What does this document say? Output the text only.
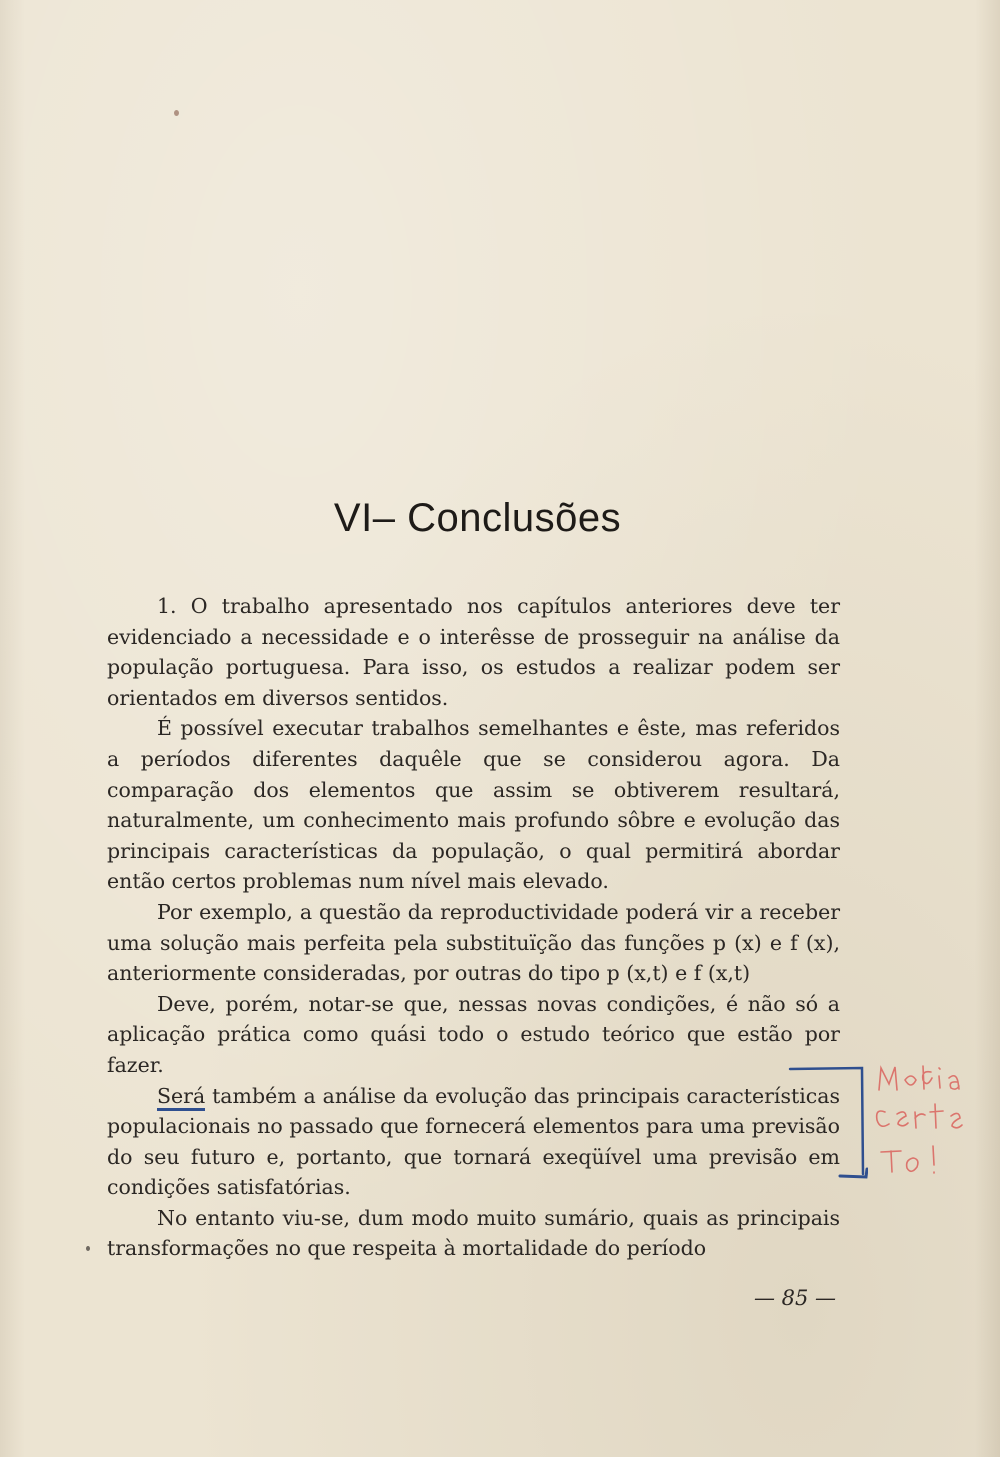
VI– Conclusões

1. O trabalho apresentado nos capítulos anteriores deve ter evidenciado a necessidade e o interêsse de prosseguir na análise da população portuguesa. Para isso, os estudos a realizar podem ser orientados em diversos sentidos.

É possível executar trabalhos semelhantes e êste, mas referidos a períodos diferentes daquêle que se considerou agora. Da comparação dos elementos que assim se obtiverem resultará, naturalmente, um conhecimento mais profundo sôbre e evolução das principais características da população, o qual permitirá abordar então certos problemas num nível mais elevado.

Por exemplo, a questão da reproductividade poderá vir a receber uma solução mais perfeita pela substituïção das funções p (x) e f (x), anteriormente consideradas, por outras do tipo p (x,t) e f (x,t)

Deve, porém, notar-se que, nessas novas condições, é não só a aplicação prática como quási todo o estudo teórico que estão por fazer.

Será também a análise da evolução das principais características populacionais no passado que fornecerá elementos para uma previsão do seu futuro e, portanto, que tornará exeqüível uma previsão em condições satisfatórias.

No entanto viu-se, dum modo muito sumário, quais as principais transformações no que respeita à mortalidade do período

— 85 —
